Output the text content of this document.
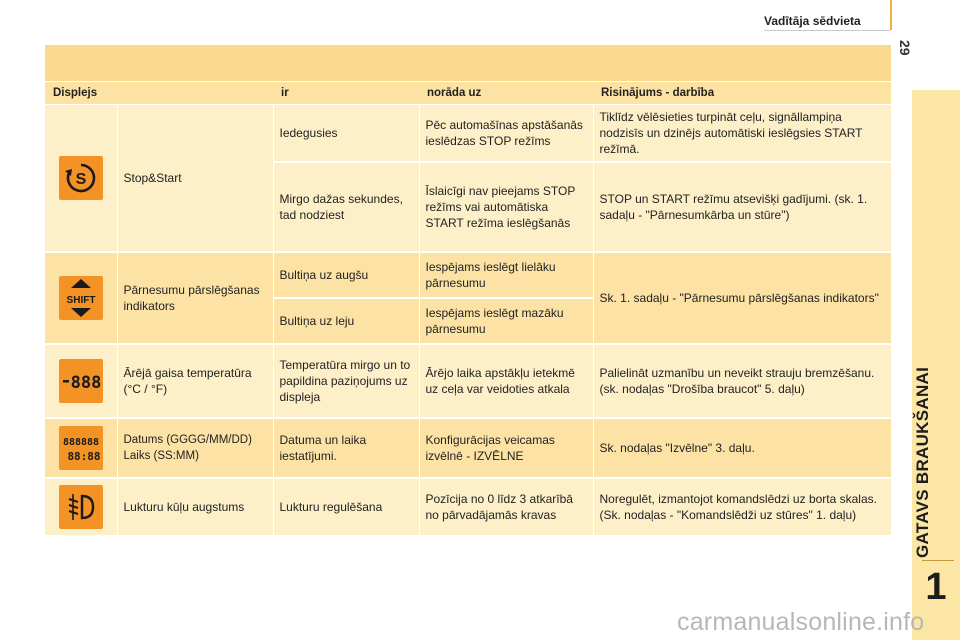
Vadītāja sēdvieta
29
GATAVS BRAUKŠANAI
1
Displejs		ir	norāda uz	Risinājums - darbība

S	Stop&Start	Iedegusies	Pēc automašīnas apstāšanās ieslēdzas STOP režīms	Tiklīdz vēlēsieties turpināt ceļu, signāllampiņa nodzisīs un dzinējs automātiski ieslēgsies START režīmā.
		Mirgo dažas sekundes, tad nodziest	Īslaicīgi nav pieejams STOP režīms vai automātiska START režīma ieslēgšanās	STOP un START režīmu atsevišķi gadījumi. (sk. 1. sadaļu - "Pārnesumkārba un stūre")

SHIFT	Pārnesumu pārslēgšanas indikators	Bultiņa uz augšu	Iespējams ieslēgt lielāku pārnesumu	Sk. 1. sadaļu - "Pārnesumu pārslēgšanas indikators"
		Bultiņa uz leju	Iespējams ieslēgt mazāku pārnesumu	

888	Ārējā gaisa temperatūra (°C / °F)	Temperatūra mirgo un to papildina paziņojums uz displeja	Ārējo laika apstākļu ietekmē uz ceļa var veidoties atkala	Palielināt uzmanību un neveikt strauju bremzēšanu. (sk. nodaļas "Drošība braucot" 5. daļu)

888888
88:88	Datums (GGGG/MM/DD) Laiks (SS:MM)	Datuma un laika iestatījumi.	Konfigurācijas veicamas izvēlnē - IZVĒLNE	Sk. nodaļas "Izvēlne" 3. daļu.

	Lukturu kūļu augstums	Lukturu regulēšana	Pozīcija no 0 līdz 3 atkarībā no pārvadājamās kravas	Noregulēt, izmantojot komandslēdzi uz borta skalas. (Sk. nodaļas - "Komandslēdži uz stūres" 1. daļu)
carmanualsonline.info
